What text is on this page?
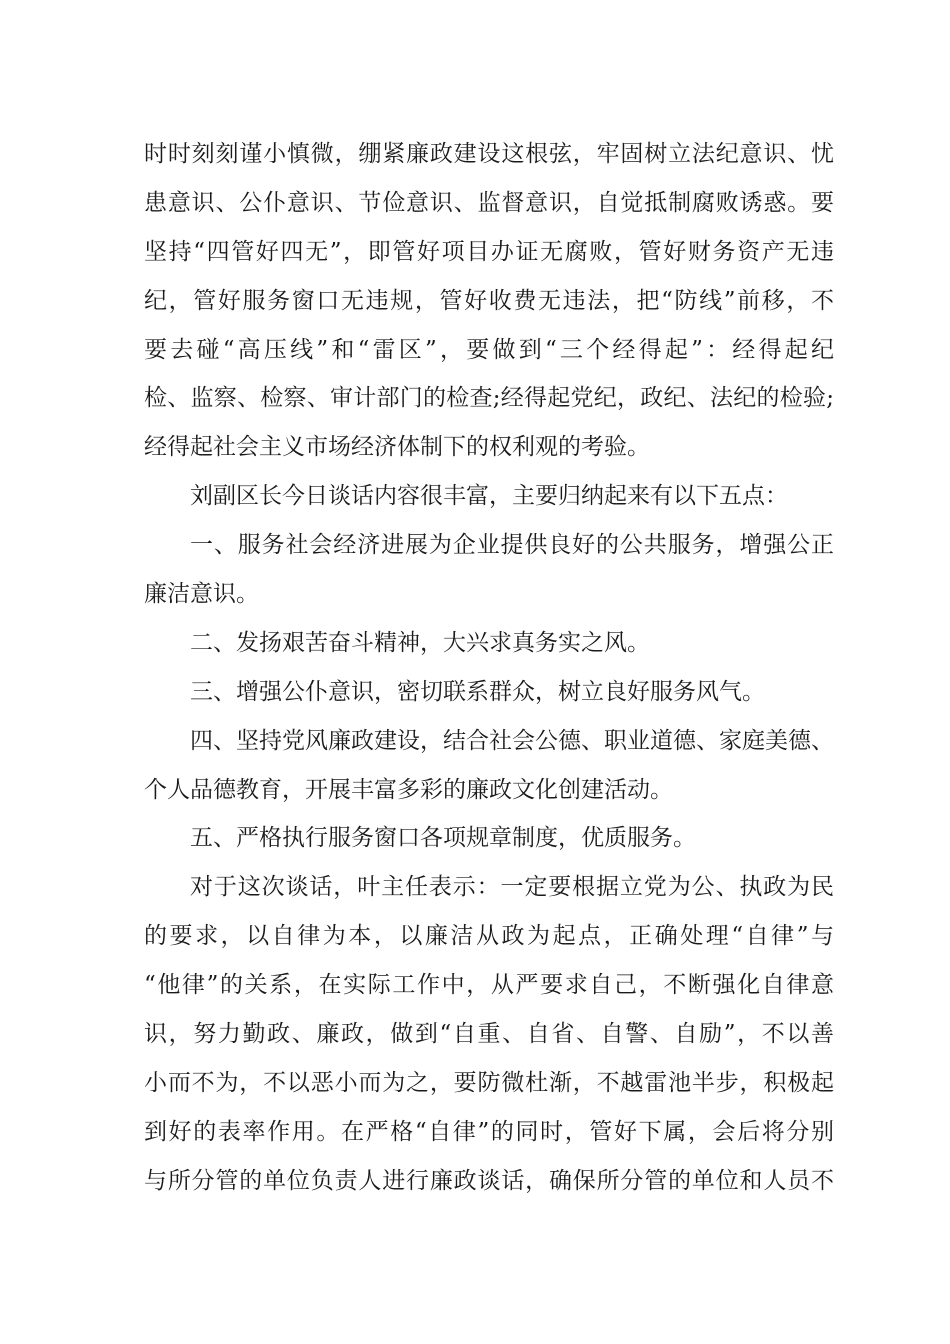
时时刻刻谨小慎微，绷紧廉政建设这根弦，牢固树立法纪意识、忧
患意识、公仆意识、节俭意识、监督意识，自觉抵制腐败诱惑。要
坚持“四管好四无”，即管好项目办证无腐败，管好财务资产无违
纪，管好服务窗口无违规，管好收费无违法，把“防线”前移，不
要去碰“高压线”和“雷区”，要做到“三个经得起”：经得起纪
检、监察、检察、审计部门的检查;经得起党纪，政纪、法纪的检验;
经得起社会主义市场经济体制下的权利观的考验。
刘副区长今日谈话内容很丰富，主要归纳起来有以下五点：
一、服务社会经济进展为企业提供良好的公共服务，增强公正
廉洁意识。
二、发扬艰苦奋斗精神，大兴求真务实之风。
三、增强公仆意识，密切联系群众，树立良好服务风气。
四、坚持党风廉政建设，结合社会公德、职业道德、家庭美德、
个人品德教育，开展丰富多彩的廉政文化创建活动。
五、严格执行服务窗口各项规章制度，优质服务。
对于这次谈话，叶主任表示：一定要根据立党为公、执政为民
的要求，以自律为本，以廉洁从政为起点，正确处理“自律”与
“他律”的关系，在实际工作中，从严要求自己，不断强化自律意
识，努力勤政、廉政，做到“自重、自省、自警、自励”，不以善
小而不为，不以恶小而为之，要防微杜渐，不越雷池半步，积极起
到好的表率作用。在严格“自律”的同时，管好下属，会后将分别
与所分管的单位负责人进行廉政谈话，确保所分管的单位和人员不
